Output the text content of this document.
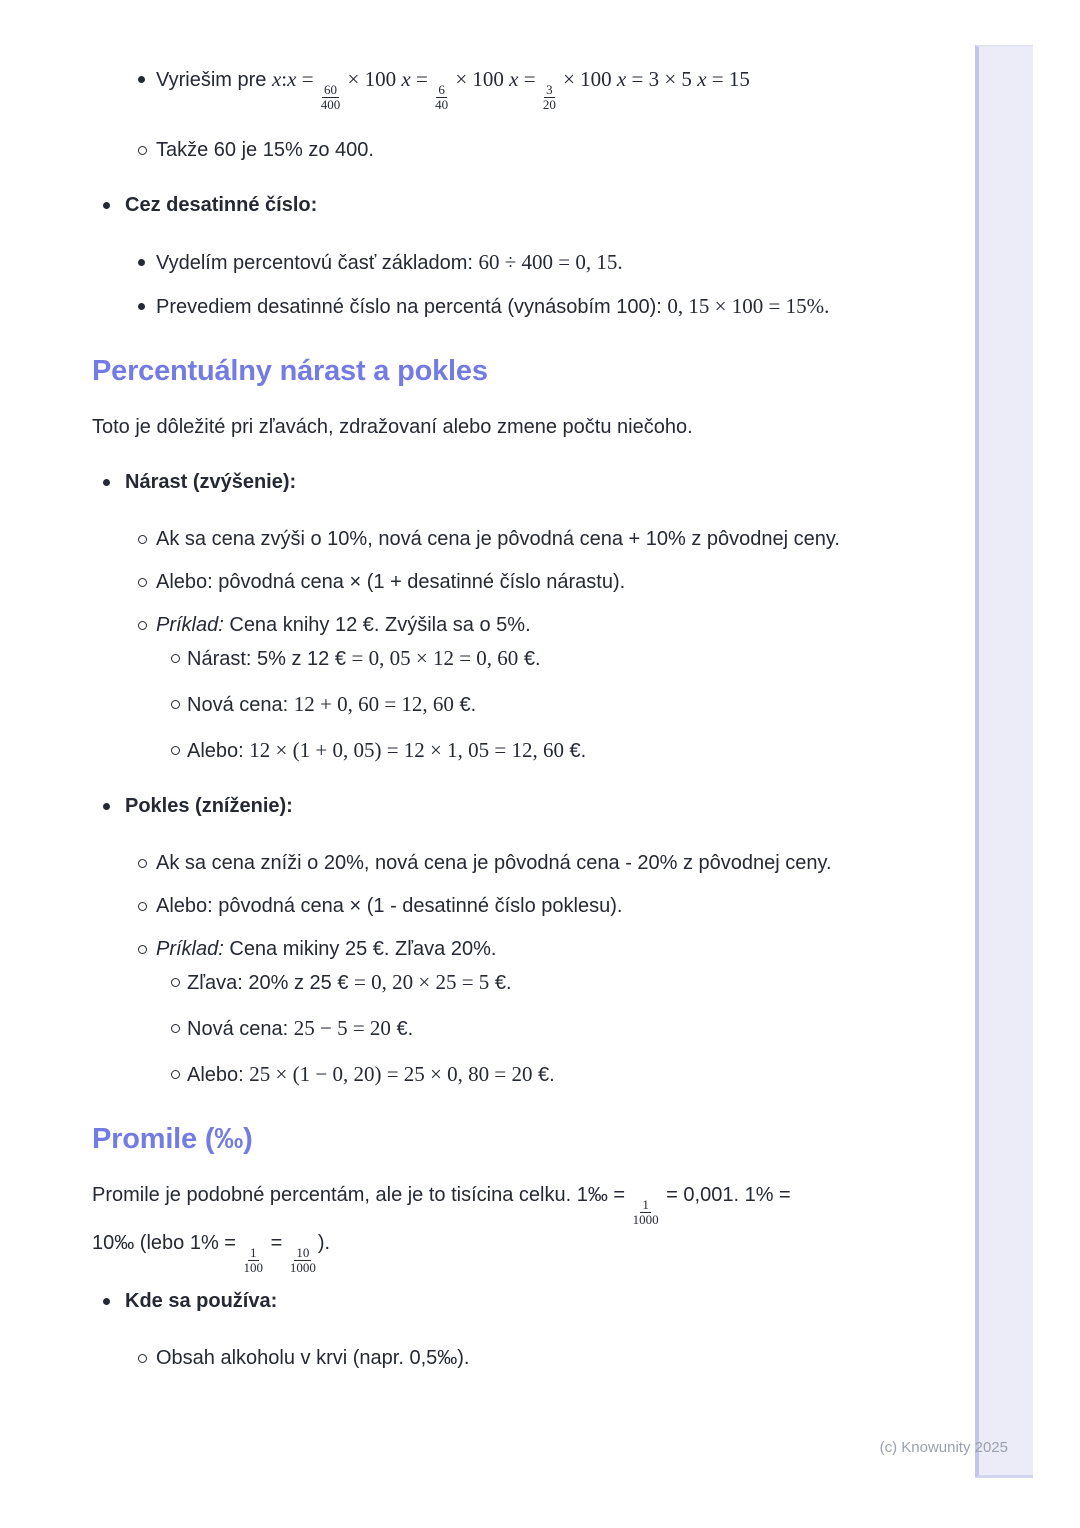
Vyriešim pre x:x =
$\frac{60}{400}$
× 100 x =
$\frac{6}{40}$
× 100 x =
$\frac{3}{20}$
× 100 x = 3 × 5 x = 15
Takže 60 je 15% zo 400.
Cez desatinné číslo:
Vydelím percentovú časť základom: 60 ÷ 400 = 0, 15.
Prevediem desatinné číslo na percentá (vynásobím 100): 0, 15 × 100 = 15%.
Percentuálny nárast a pokles

Toto je dôležité pri zľavách, zdražovaní alebo zmene počtu niečoho.

Nárast (zvýšenie):
Ak sa cena zvýši o 10%, nová cena je pôvodná cena + 10% z pôvodnej ceny.
Alebo: pôvodná cena × (1 + desatinné číslo nárastu).
Príklad: Cena knihy 12 €. Zvýšila sa o 5%.
Nárast: 5% z 12 € = 0, 05 × 12 = 0, 60 €.
Nová cena: 12 + 0, 60 = 12, 60 €.
Alebo: 12 × (1 + 0, 05) = 12 × 1, 05 = 12, 60 €.
Pokles (zníženie):
Ak sa cena zníži o 20%, nová cena je pôvodná cena - 20% z pôvodnej ceny.
Alebo: pôvodná cena × (1 - desatinné číslo poklesu).
Príklad: Cena mikiny 25 €. Zľava 20%.
Zľava: 20% z 25 € = 0, 20 × 25 = 5 €.
Nová cena: 25 − 5 = 20 €.
Alebo: 25 × (1 − 0, 20) = 25 × 0, 80 = 20 €.
Promile (‰)

Promile je podobné percentám, ale je to tisícina celku. 1‰ =
$\frac{1}{1000}$
= 0,001. 1% =
10‰ (lebo 1% =
$\frac{1}{100}$
=
$\frac{10}{1000}$
).

Kde sa používa:
Obsah alkoholu v krvi (napr. 0,5‰).
(c) Knowunity 2025
